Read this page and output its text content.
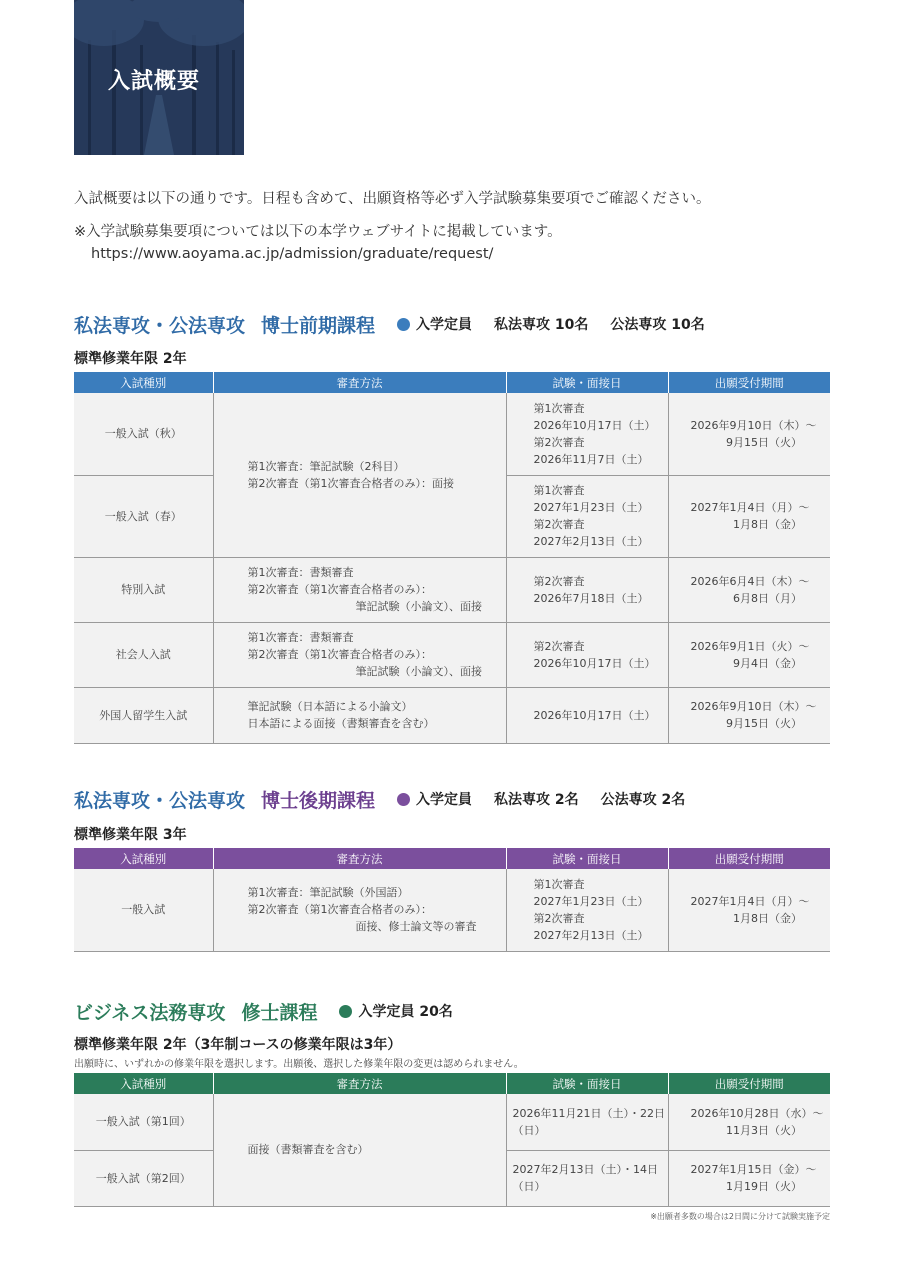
入試概要

入試概要は以下の通りです。日程も含めて、出願資格等必ず入学試験募集要項でご確認ください。

※入学試験募集要項については以下の本学ウェブサイトに掲載しています。

https://www.aoyama.ac.jp/admission/graduate/request/

私法専攻・公法専攻 博士前期課程	入学定員 私法専攻 10名 公法専攻 10名
標準修業年限 2年
入試種別	審査方法	試験・面接日	出願受付期間
一般入試（秋）	第1次審査：筆記試験（2科目）
第2次審査（第1次審査合格者のみ）：面接	第1次審査
2026年10月17日（土）
第2次審査
2026年11月7日（土）	2026年9月10日（木）～
9月15日（火）

一般入試（春）		第1次審査
2027年1月23日（土）
第2次審査
2027年2月13日（土）	2027年1月4日（月）～
1月8日（金）

特別入試	第1次審査：書類審査
第2次審査（第1次審査合格者のみ）：
筆記試験（小論文）、面接	第2次審査
2026年7月18日（土）	2026年6月4日（木）～
6月8日（月）

社会人入試	第1次審査：書類審査
第2次審査（第1次審査合格者のみ）：
筆記試験（小論文）、面接	第2次審査
2026年10月17日（土）	2026年9月1日（火）～
9月4日（金）

外国人留学生入試	筆記試験（日本語による小論文）
日本語による面接（書類審査を含む）	2026年10月17日（土）	2026年9月10日（木）～
9月15日（火）
私法専攻・公法専攻 博士後期課程	入学定員 私法専攻 2名 公法専攻 2名
標準修業年限 3年
入試種別	審査方法	試験・面接日	出願受付期間
一般入試	第1次審査：筆記試験（外国語）
第2次審査（第1次審査合格者のみ）：
面接、修士論文等の審査	第1次審査
2027年1月23日（土）
第2次審査
2027年2月13日（土）	2027年1月4日（月）～
1月8日（金）
ビジネス法務専攻 修士課程	入学定員 20名
標準修業年限 2年（3年制コースの修業年限は3年）
出願時に、いずれかの修業年限を選択します。出願後、選択した修業年限の変更は認められません。
入試種別	審査方法	試験・面接日	出願受付期間
一般入試（第1回）	面接（書類審査を含む）	2026年11月21日（土）・22日（日）	2026年10月28日（水）～
11月3日（火）

一般入試（第2回）		2027年2月13日（土）・14日（日）	2027年1月15日（金）～
1月19日（火）
※出願者多数の場合は2日間に分けて試験実施予定
